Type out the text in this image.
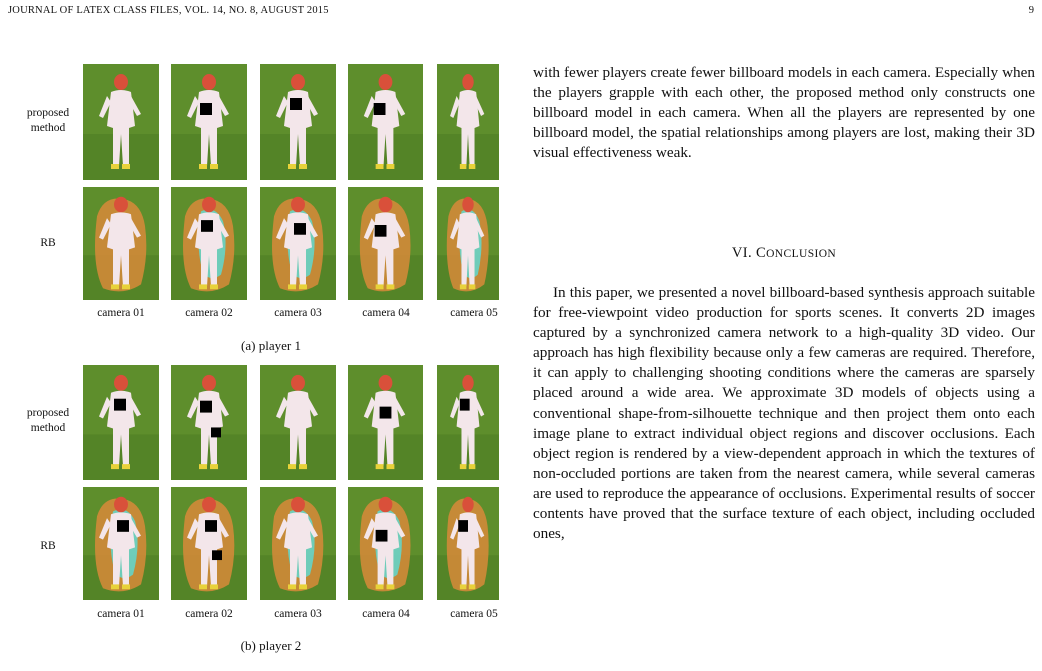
JOURNAL OF LATEX CLASS FILES, VOL. 14, NO. 8, AUGUST 2015	9
proposed
method
RB
proposed
method
RB
camera 01	camera 02	camera 03	camera 04	camera 05
(a) player 1
camera 01	camera 02	camera 03	camera 04	camera 05
(b) player 2

with fewer players create fewer billboard models in each camera. Especially when the players grapple with each other, the proposed method only constructs one billboard model in each camera. When all the players are represented by one billboard model, the spatial relationships among players are lost, making their 3D visual effectiveness weak.

VI. CONCLUSION

In this paper, we presented a novel billboard-based synthesis approach suitable for free-viewpoint video production for sports scenes. It converts 2D images captured by a synchronized camera network to a high-quality 3D video. Our approach has high flexibility because only a few cameras are required. Therefore, it can apply to challenging shooting conditions where the cameras are sparsely placed around a wide area. We approximate 3D models of objects using a conventional shape-from-silhouette technique and then project them onto each image plane to extract individual object regions and discover occlusions. Each object region is rendered by a view-dependent approach in which the textures of non-occluded portions are taken from the nearest camera, while several cameras are used to reproduce the appearance of occlusions. Experimental results of soccer contents have proved that the surface texture of each object, including occluded ones,
